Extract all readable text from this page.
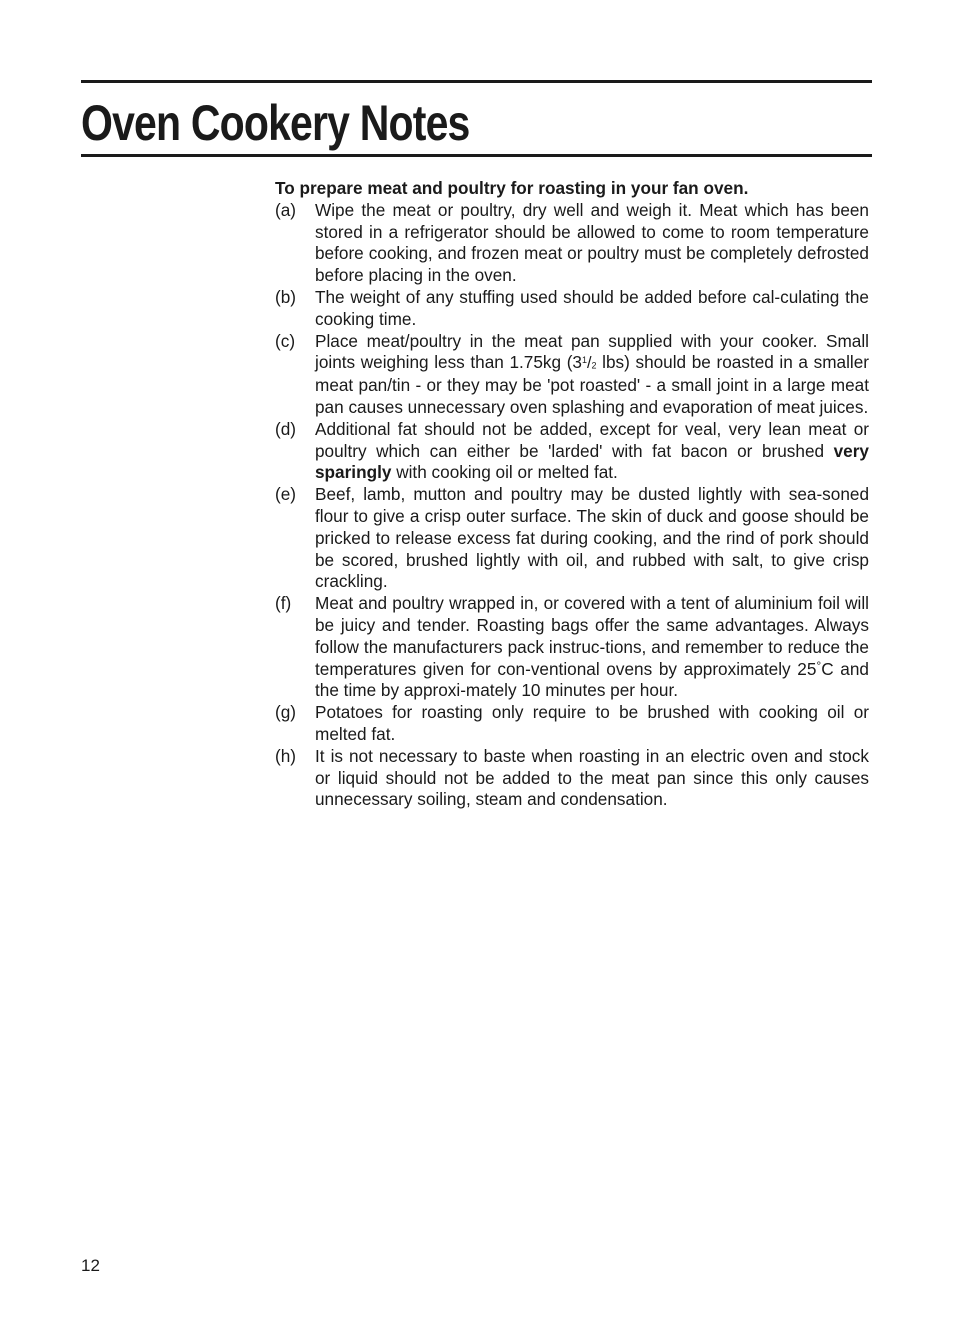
Oven Cookery Notes

To prepare meat and poultry for roasting in your fan oven.

(a)	Wipe the meat or poultry, dry well and weigh it. Meat which has been stored in a refrigerator should be allowed to come to room temperature before cooking, and frozen meat or poultry must be completely defrosted before placing in the oven.
(b)	The weight of any stuffing used should be added before cal-culating the cooking time.
(c)	Place meat/poultry in the meat pan supplied with your cooker. Small joints weighing less than 1.75kg ($3^1/_2$ lbs) should be roasted in a smaller meat pan/tin - or they may be 'pot roasted' - a small joint in a large meat pan causes unnecessary oven splashing and evaporation of meat juices.
(d)	Additional fat should not be added, except for veal, very lean meat or poultry which can either be 'larded' with fat bacon or brushed very sparingly with cooking oil or melted fat.
(e)	Beef, lamb, mutton and poultry may be dusted lightly with sea-soned flour to give a crisp outer surface. The skin of duck and goose should be pricked to release excess fat during cooking, and the rind of pork should be scored, brushed lightly with oil, and rubbed with salt, to give crisp crackling.
(f)	Meat and poultry wrapped in, or covered with a tent of aluminium foil will be juicy and tender. Roasting bags offer the same advantages. Always follow the manufacturers pack instruc-tions, and remember to reduce the temperatures given for con-ventional ovens by approximately 25°C and the time by approxi-mately 10 minutes per hour.
(g)	Potatoes for roasting only require to be brushed with cooking oil or melted fat.
(h)	It is not necessary to baste when roasting in an electric oven and stock or liquid should not be added to the meat pan since this only causes unnecessary soiling, steam and condensation.
12
